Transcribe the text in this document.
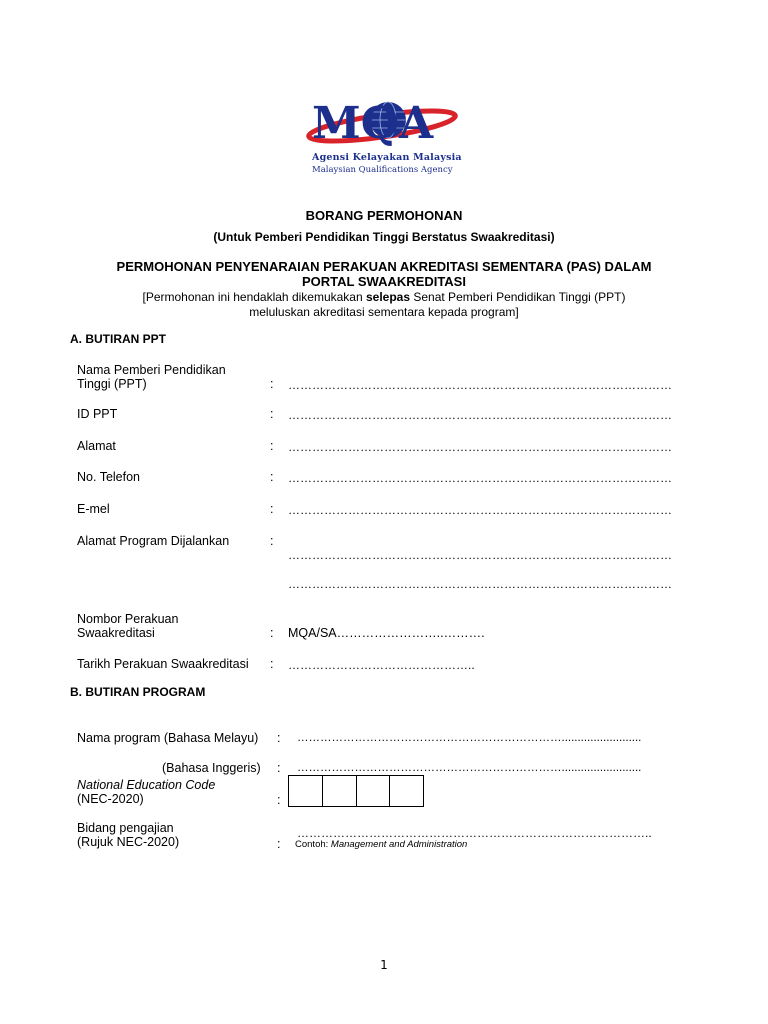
MQA
Agensi Kelayakan Malaysia
Malaysian Qualifications Agency
BORANG PERMOHONAN
(Untuk Pemberi Pendidikan Tinggi Berstatus Swaakreditasi)
PERMOHONAN PENYENARAIAN PERAKUAN AKREDITASI SEMENTARA (PAS) DALAM
PORTAL SWAAKREDITASI
[Permohonan ini hendaklah dikemukakan selepas Senat Pemberi Pendidikan Tinggi (PPT)
meluluskan akreditasi sementara kepada program]
A. BUTIRAN PPT
Nama Pemberi Pendidikan
Tinggi (PPT)	: ……………………………………………………………………………………
ID PPT	: ……………………………………………………………………………………
Alamat	: ……………………………………………………………………………………
No. Telefon	: ……………………………………………………………………………………
E-mel	: ……………………………………………………………………………………
Alamat Program Dijalankan	:
……………………………………………………………………………………
……………………………………………………………………………………
Nombor Perakuan
Swaakreditasi	: MQA/SA……………………..……….
Tarikh Perakuan Swaakreditasi : ………………………………………..
B. BUTIRAN PROGRAM
Nama program (Bahasa Melayu) : …………………………………………………………….........................
(Bahasa Inggeris) : …………………………………………………………….........................
National Education Code
(NEC-2020)	:
Bidang pengajian
(Rujuk NEC-2020)
……………………………………………………………………………..
: Contoh: Management and Administration
1
